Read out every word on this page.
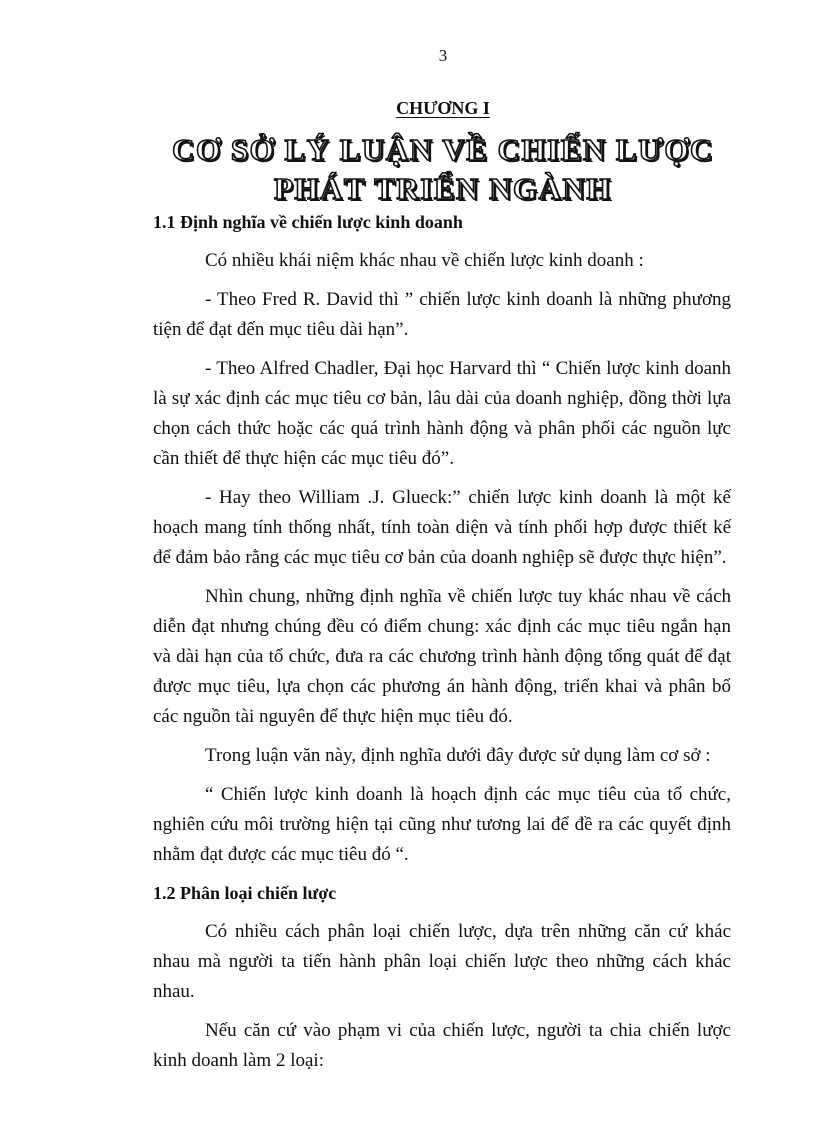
3
CHƯƠNG I
CƠ SỞ LÝ LUẬN VỀ CHIẾN LƯỢC
PHÁT TRIỂN NGÀNH
1.1 Định nghĩa về chiến lược kinh doanh

Có nhiều khái niệm khác nhau về chiến lược kinh doanh :

- Theo Fred R. David thì ” chiến lược kinh doanh là những phương tiện để đạt đến mục tiêu dài hạn”.

- Theo Alfred Chadler, Đại học Harvard thì “ Chiến lược kinh doanh là sự xác định các mục tiêu cơ bản, lâu dài của doanh nghiệp, đồng thời lựa chọn cách thức hoặc các quá trình hành động và phân phối các nguồn lực cần thiết để thực hiện các mục tiêu đó”.

- Hay theo William .J. Glueck:” chiến lược kinh doanh là một kế hoạch mang tính thống nhất, tính toàn diện và tính phối hợp được thiết kế để đảm bảo rằng các mục tiêu cơ bản của doanh nghiệp sẽ được thực hiện”.

Nhìn chung, những định nghĩa về chiến lược tuy khác nhau về cách diễn đạt nhưng chúng đều có điểm chung: xác định các mục tiêu ngắn hạn và dài hạn của tổ chức, đưa ra các chương trình hành động tổng quát để đạt được mục tiêu, lựa chọn các phương án hành động, triển khai và phân bổ các nguồn tài nguyên để thực hiện mục tiêu đó.

Trong luận văn này, định nghĩa dưới đây được sử dụng làm cơ sở :

“ Chiến lược kinh doanh là hoạch định các mục tiêu của tổ chức, nghiên cứu môi trường hiện tại cũng như tương lai để đề ra các quyết định nhằm đạt được các mục tiêu đó “.

1.2 Phân loại chiến lược

Có nhiều cách phân loại chiến lược, dựa trên những căn cứ khác nhau mà người ta tiến hành phân loại chiến lược theo những cách khác nhau.

Nếu căn cứ vào phạm vi của chiến lược, người ta chia chiến lược kinh doanh làm 2 loại:
